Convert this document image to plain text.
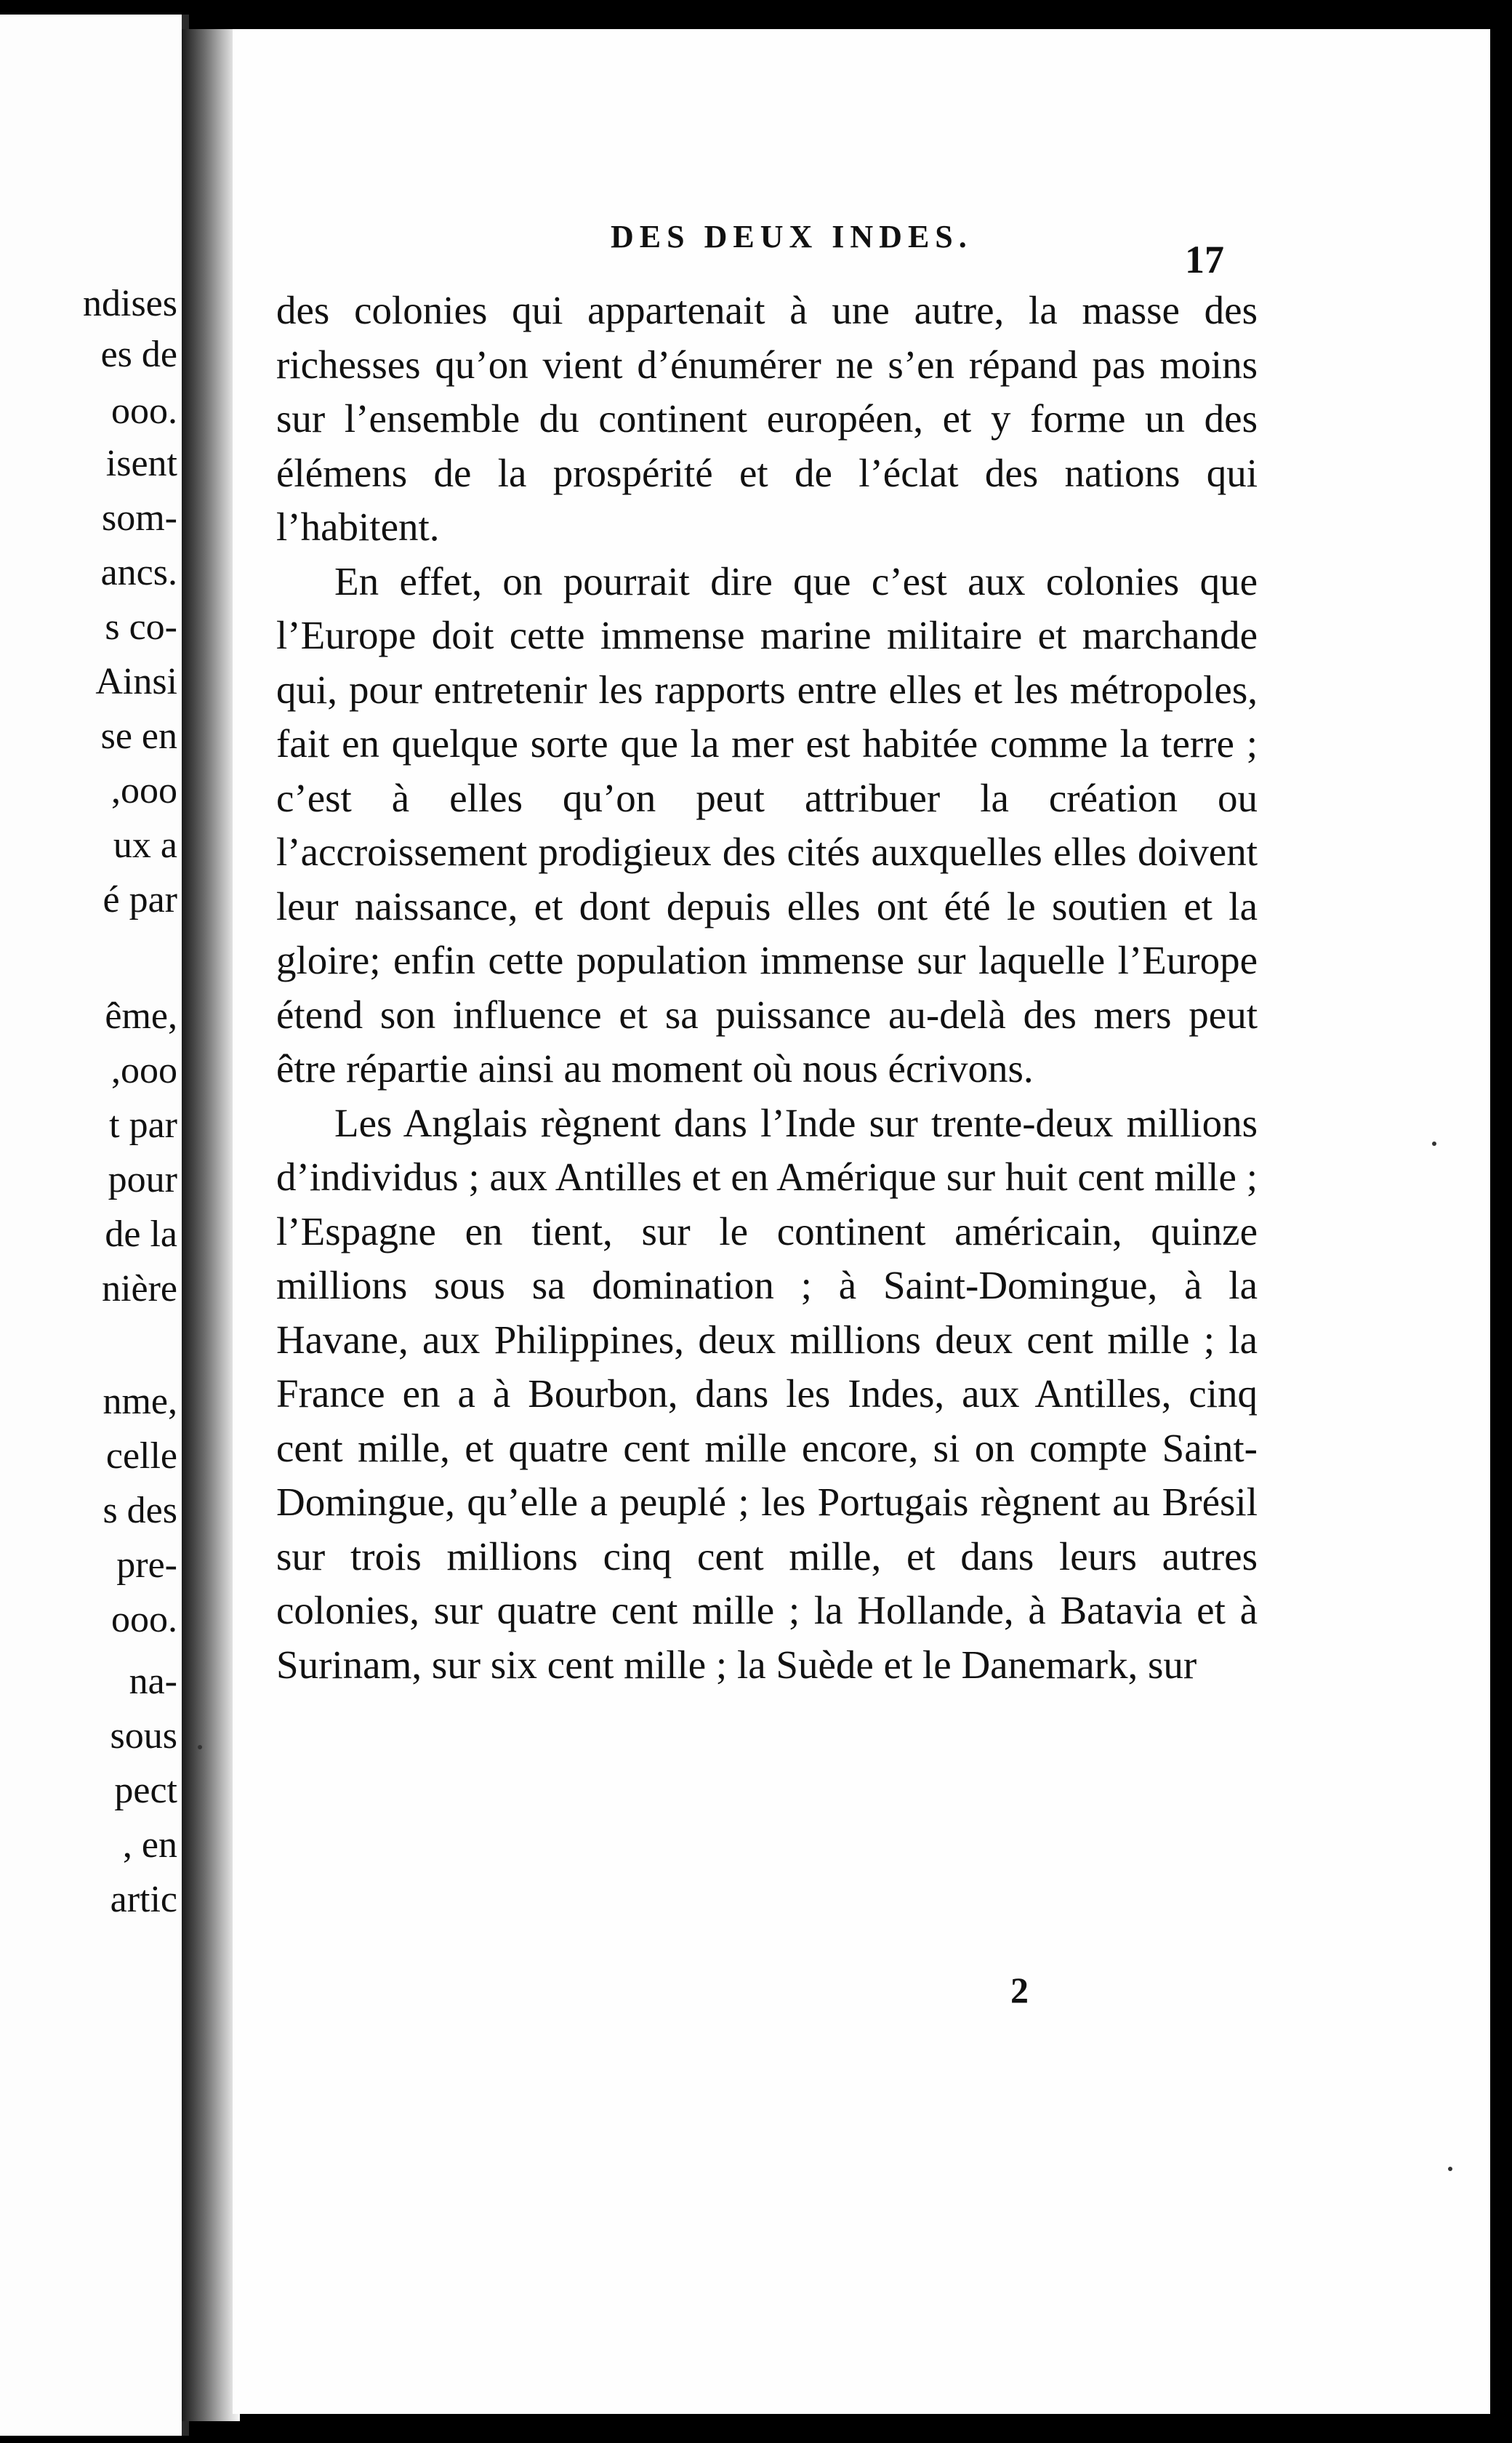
ndises
es de
ooo.
isent
som-
ancs.
s co-
Ainsi
se en
,ooo
ux a
é par
ême,
,ooo
t par
pour
de la
nière
nme,
celle
s des
pre-
ooo.
na-
sous
pect
, en
artic
DES DEUX INDES.
17

des colonies qui appartenait à une autre, la masse des richesses qu’on vient d’énumérer ne s’en répand pas moins sur l’ensemble du continent européen, et y forme un des élémens de la prospérité et de l’éclat des nations qui l’habitent.

En effet, on pourrait dire que c’est aux colonies que l’Europe doit cette immense marine militaire et marchande qui, pour entretenir les rapports entre elles et les métropoles, fait en quelque sorte que la mer est habitée comme la terre ; c’est à elles qu’on peut attribuer la création ou l’accroissement prodigieux des cités auxquelles elles doivent leur naissance, et dont depuis elles ont été le soutien et la gloire; enfin cette population immense sur laquelle l’Europe étend son influence et sa puissance au-delà des mers peut être répartie ainsi au moment où nous écrivons.

Les Anglais règnent dans l’Inde sur trente-deux millions d’individus ; aux Antilles et en Amérique sur huit cent mille ; l’Espagne en tient, sur le continent américain, quinze millions sous sa domination ; à Saint-Domingue, à la Havane, aux Philippines, deux millions deux cent mille ; la France en a à Bourbon, dans les Indes, aux Antilles, cinq cent mille, et quatre cent mille encore, si on compte Saint-Domingue, qu’elle a peuplé ; les Portugais règnent au Brésil sur trois millions cinq cent mille, et dans leurs autres colonies, sur quatre cent mille ; la Hollande, à Batavia et à Surinam, sur six cent mille ; la Suède et le Danemark, sur

2
